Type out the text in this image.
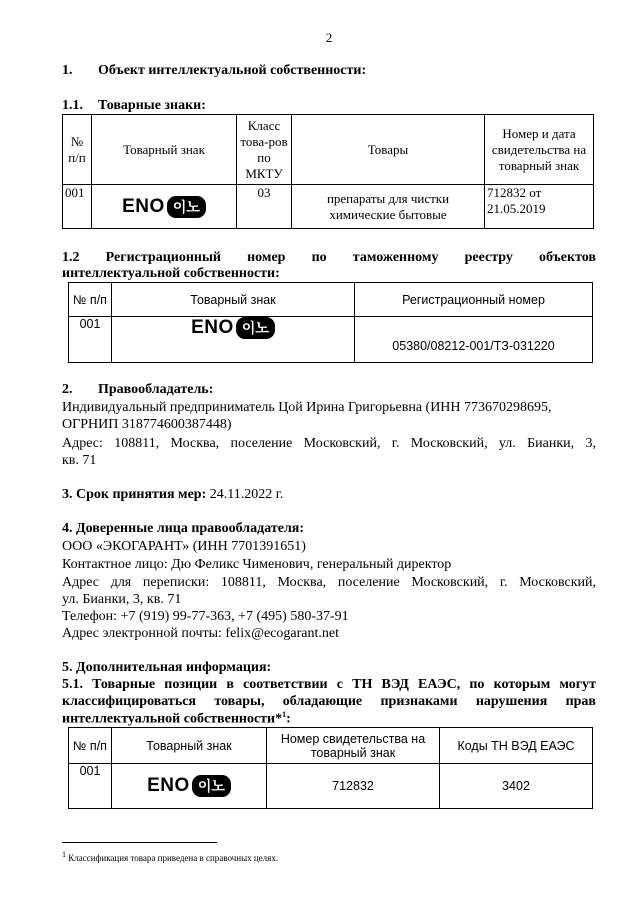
2
1. Объект интеллектуальной собственности:
1.1. Товарные знаки:
№ п/п	Товарный знак	Класс това-ров по МКТУ	Товары	Номер и дата свидетельства на товарный знак
001	ENO 이노	03	препараты для чистки химические бытовые	712832 от 21.05.2019
1.2 Регистрационный номер по таможенному реестру объектов
интеллектуальной собственности:
№ п/п	Товарный знак	Регистрационный номер
001	ENO 이노	05380/08212-001/ТЗ-031220
2. Правообладатель:
Индивидуальный предприниматель Цой Ирина Григорьевна (ИНН 773670298695,
ОГРНИП 318774600387448)
Адрес: 108811, Москва, поселение Московский, г. Московский, ул. Бианки, 3,
кв. 71
3. Срок принятия мер: 24.11.2022 г.
4. Доверенные лица правообладателя:
ООО «ЭКОГАРАНТ» (ИНН 7701391651)
Контактное лицо: Дю Феликс Чименович, генеральный директор
Адрес для переписки: 108811, Москва, поселение Московский, г. Московский,
ул. Бианки, 3, кв. 71
Телефон: +7 (919) 99-77-363, +7 (495) 580-37-91
Адрес электронной почты: felix@ecogarant.net
5. Дополнительная информация:
5.1. Товарные позиции в соответствии с ТН ВЭД ЕАЭС, по которым могут
классифицироваться товары, обладающие признаками нарушения прав
интеллектуальной собственности*$^1$:
№ п/п	Товарный знак	Номер свидетельства на товарный знак	Коды ТН ВЭД ЕАЭС
001	ENO 이노	712832	3402
$^1$ Классификация товара приведена в справочных целях.
